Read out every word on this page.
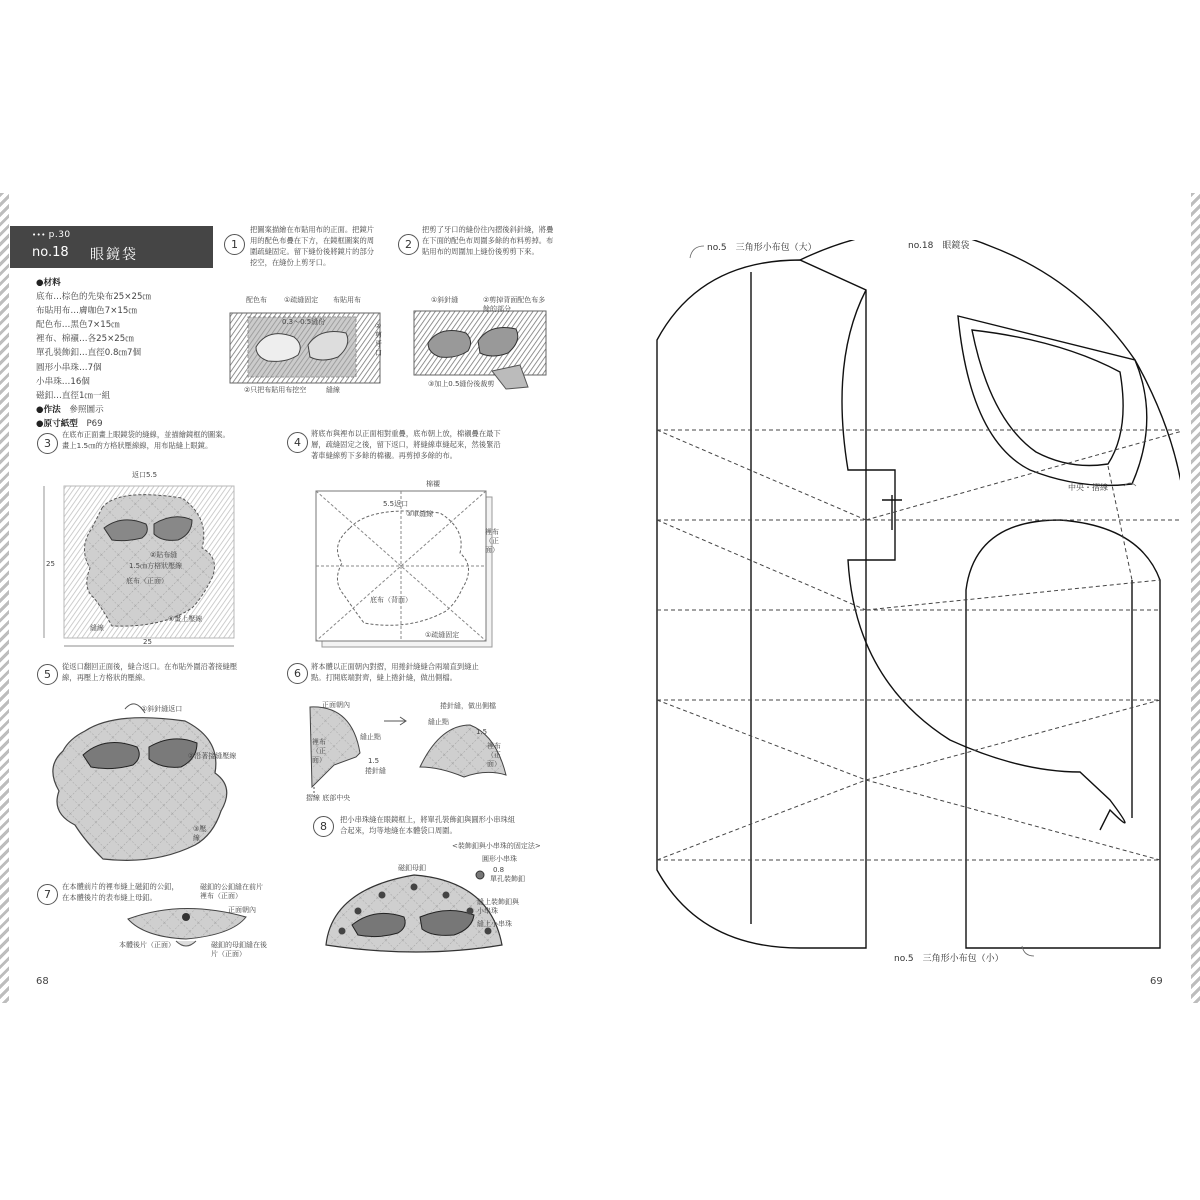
••• p.30
no.18 眼鏡袋
● 材料
底布…棕色的先染布25×25㎝
布貼用布…膚咖色7×15㎝
配色布…黑色7×15㎝
裡布、棉襯…各25×25㎝
單孔裝飾釦…直徑0.8㎝7個
圓形小串珠…7個
小串珠…16個
磁釦…直徑1㎝一組
● 作法　 參照圖示
● 原寸紙型　 P69
1
把圖案描繪在布貼用布的正面。把鏡片用的配色布疊在下方，在鏡框圖案的周圍疏縫固定。留下縫份後將鏡片的部分挖空，在縫份上剪牙口。
2
把剪了牙口的縫份往內摺後斜針縫，將疊在下面的配色布周圍多餘的布料剪掉。布貼用布的周圍加上縫份後剪剪下來。
3
在底布正面畫上眼鏡袋的縫線，並描繪鏡框的圖案。畫上1.5㎝的方格狀壓線線，用布貼縫上眼鏡。	4
將底布與裡布以正面相對重疊，底布朝上放，棉襯疊在最下層，疏縫固定之後，留下返口，將縫線車縫起來，然後緊沿著車縫線剪下多餘的棉襯。再剪掉多餘的布。
5
從返口翻回正面後，縫合返口。在布貼外圍沿著接縫壓線，再壓上方格狀的壓線。	6
將本體以正面朝內對摺，用捲針縫縫合兩端直到縫止點。打開底端對齊，縫上捲針縫，做出側檔。
7
在本體前片的裡布縫上磁釦的公釦，在本體後片的表布縫上母釦。
8
把小串珠縫在眼鏡框上，將單孔裝飾釦與圓形小串珠組合起來，均等地縫在本體袋口周圍。
配色布 ①疏縫固定 布貼用布
0.3～0.5縫份	②剪牙口
②只把布貼用布挖空	縫線
①斜針縫	②剪掉背面配色布多餘的部分
③加上0.5縫份後裁剪
返口5.5
②貼布縫
1.5㎝方格狀壓線
底布（正面）
縫線
①畫上壓線
25
25
棉襯
5.5返口
③車縫線
裡布（正面）
底布（背面）
①疏縫固定
①斜針縫返口
②沿著接縫壓線
③壓線
正面朝內
裡布（正面）
縫止點
1.5
捲針縫
摺線 底部中央
捲針縫，做出側檔
縫止點
1.5
裡布（正面）
磁釦的公釦縫在前片裡布（正面）
正面朝內
本體後片（正面）	磁釦的母釦縫在後片（正面）
<裝飾釦與小串珠的固定法>
圓形小串珠
0.8
單孔裝飾釦
縫上裝飾釦與小串珠
磁釦母釦
縫上小串珠
no.5　三角形小布包（大）	no.18　眼鏡袋
中央・摺線
no.5　三角形小布包（小）
68	69
